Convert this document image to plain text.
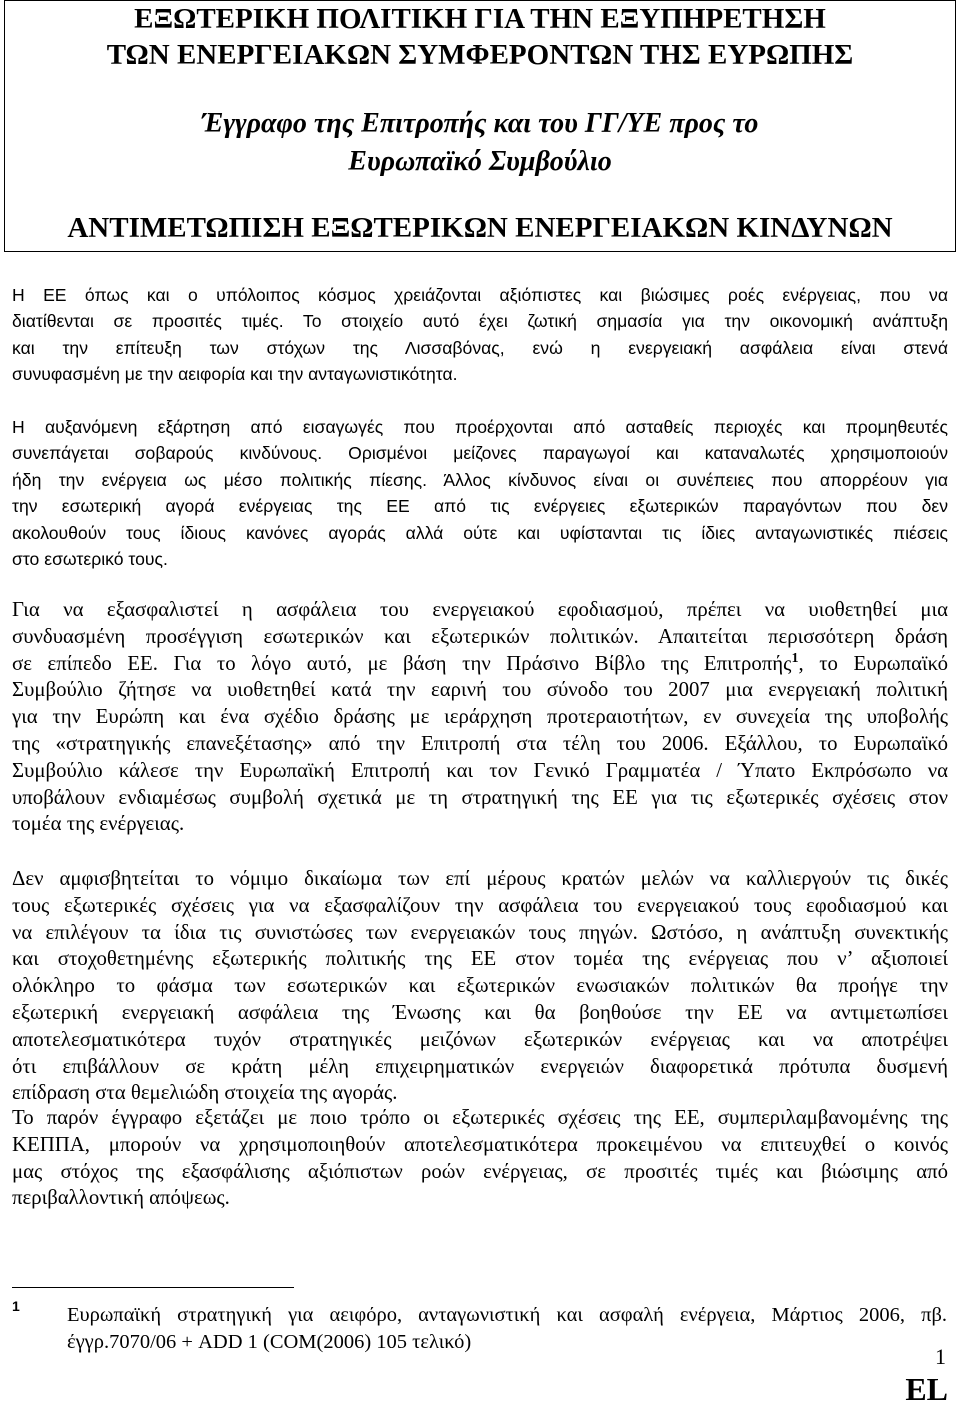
ΕΞΩΤΕΡΙΚΗ ΠΟΛΙΤΙΚΗ ΓΙΑ ΤΗΝ ΕΞΥΠΗΡΕΤΗΣΗ
ΤΩΝ ΕΝΕΡΓΕΙΑΚΩΝ ΣΥΜΦΕΡΟΝΤΩΝ ΤΗΣ ΕΥΡΩΠΗΣ
Έγγραφο της Επιτροπής και του ΓΓ/ΥΕ προς το
Ευρωπαϊκό Συμβούλιο
ΑΝΤΙΜΕΤΩΠΙΣΗ ΕΞΩΤΕΡΙΚΩΝ ΕΝΕΡΓΕΙΑΚΩΝ ΚΙΝΔΥΝΩΝ

Η ΕΕ όπως και ο υπόλοιπος κόσμος χρειάζονται αξιόπιστες και βιώσιμες ροές ενέργειας, που να
διατίθενται σε προσιτές τιμές. Το στοιχείο αυτό έχει ζωτική σημασία για την οικονομική ανάπτυξη
και την επίτευξη των στόχων της Λισσαβόνας, ενώ η ενεργειακή ασφάλεια είναι στενά
συνυφασμένη με την αειφορία και την ανταγωνιστικότητα.

Η αυξανόμενη εξάρτηση από εισαγωγές που προέρχονται από ασταθείς περιοχές και προμηθευτές
συνεπάγεται σοβαρούς κινδύνους. Ορισμένοι μείζονες παραγωγοί και καταναλωτές χρησιμοποιούν
ήδη την ενέργεια ως μέσο πολιτικής πίεσης. Άλλος κίνδυνος είναι οι συνέπειες που απορρέουν για
την εσωτερική αγορά ενέργειας της ΕΕ από τις ενέργειες εξωτερικών παραγόντων που δεν
ακολουθούν τους ίδιους κανόνες αγοράς αλλά ούτε και υφίστανται τις ίδιες ανταγωνιστικές πιέσεις
στο εσωτερικό τους.

Για να εξασφαλιστεί η ασφάλεια του ενεργειακού εφοδιασμού, πρέπει να υιοθετηθεί μια
συνδυασμένη προσέγγιση εσωτερικών και εξωτερικών πολιτικών. Απαιτείται περισσότερη δράση
σε επίπεδο ΕΕ. Για το λόγο αυτό, με βάση την Πράσινο Βίβλο της Επιτροπής$^1$, το Ευρωπαϊκό
Συμβούλιο ζήτησε να υιοθετηθεί κατά την εαρινή του σύνοδο του 2007 μια ενεργειακή πολιτική
για την Ευρώπη και ένα σχέδιο δράσης με ιεράρχηση προτεραιοτήτων, εν συνεχεία της υποβολής
της «στρατηγικής επανεξέτασης» από την Επιτροπή στα τέλη του 2006. Εξάλλου, το Ευρωπαϊκό
Συμβούλιο κάλεσε την Ευρωπαϊκή Επιτροπή και τον Γενικό Γραμματέα / Ύπατο Εκπρόσωπο να
υποβάλουν ενδιαμέσως συμβολή σχετικά με τη στρατηγική της ΕΕ για τις εξωτερικές σχέσεις στον
τομέα της ενέργειας.

Δεν αμφισβητείται το νόμιμο δικαίωμα των επί μέρους κρατών μελών να καλλιεργούν τις δικές
τους εξωτερικές σχέσεις για να εξασφαλίζουν την ασφάλεια του ενεργειακού τους εφοδιασμού και
να επιλέγουν τα ίδια τις συνιστώσες των ενεργειακών τους πηγών. Ωστόσο, η ανάπτυξη συνεκτικής
και στοχοθετημένης εξωτερικής πολιτικής της ΕΕ στον τομέα της ενέργειας που ν’ αξιοποιεί
ολόκληρο το φάσμα των εσωτερικών και εξωτερικών ενωσιακών πολιτικών θα προήγε την
εξωτερική ενεργειακή ασφάλεια της Ένωσης και θα βοηθούσε την ΕΕ να αντιμετωπίσει
αποτελεσματικότερα τυχόν στρατηγικές μειζόνων εξωτερικών ενέργειας και να αποτρέψει
ότι επιβάλλουν σε κράτη μέλη επιχειρηματικών ενεργειών διαφορετικά πρότυπα δυσμενή
επίδραση στα θεμελιώδη στοιχεία της αγοράς.

Το παρόν έγγραφο εξετάζει με ποιο τρόπο οι εξωτερικές σχέσεις της ΕΕ, συμπεριλαμβανομένης της
ΚΕΠΠΑ, μπορούν να χρησιμοποιηθούν αποτελεσματικότερα προκειμένου να επιτευχθεί ο κοινός
μας στόχος της εξασφάλισης αξιόπιστων ροών ενέργειας, σε προσιτές τιμές και βιώσιμης από
περιβαλλοντική απόψεως.

1 Ευρωπαϊκή στρατηγική για αειφόρο, ανταγωνιστική και ασφαλή ενέργεια, Μάρτιος 2006, πβ.
έγγρ.7070/06 + ADD 1 (COM(2006) 105 τελικό)

1
EL
